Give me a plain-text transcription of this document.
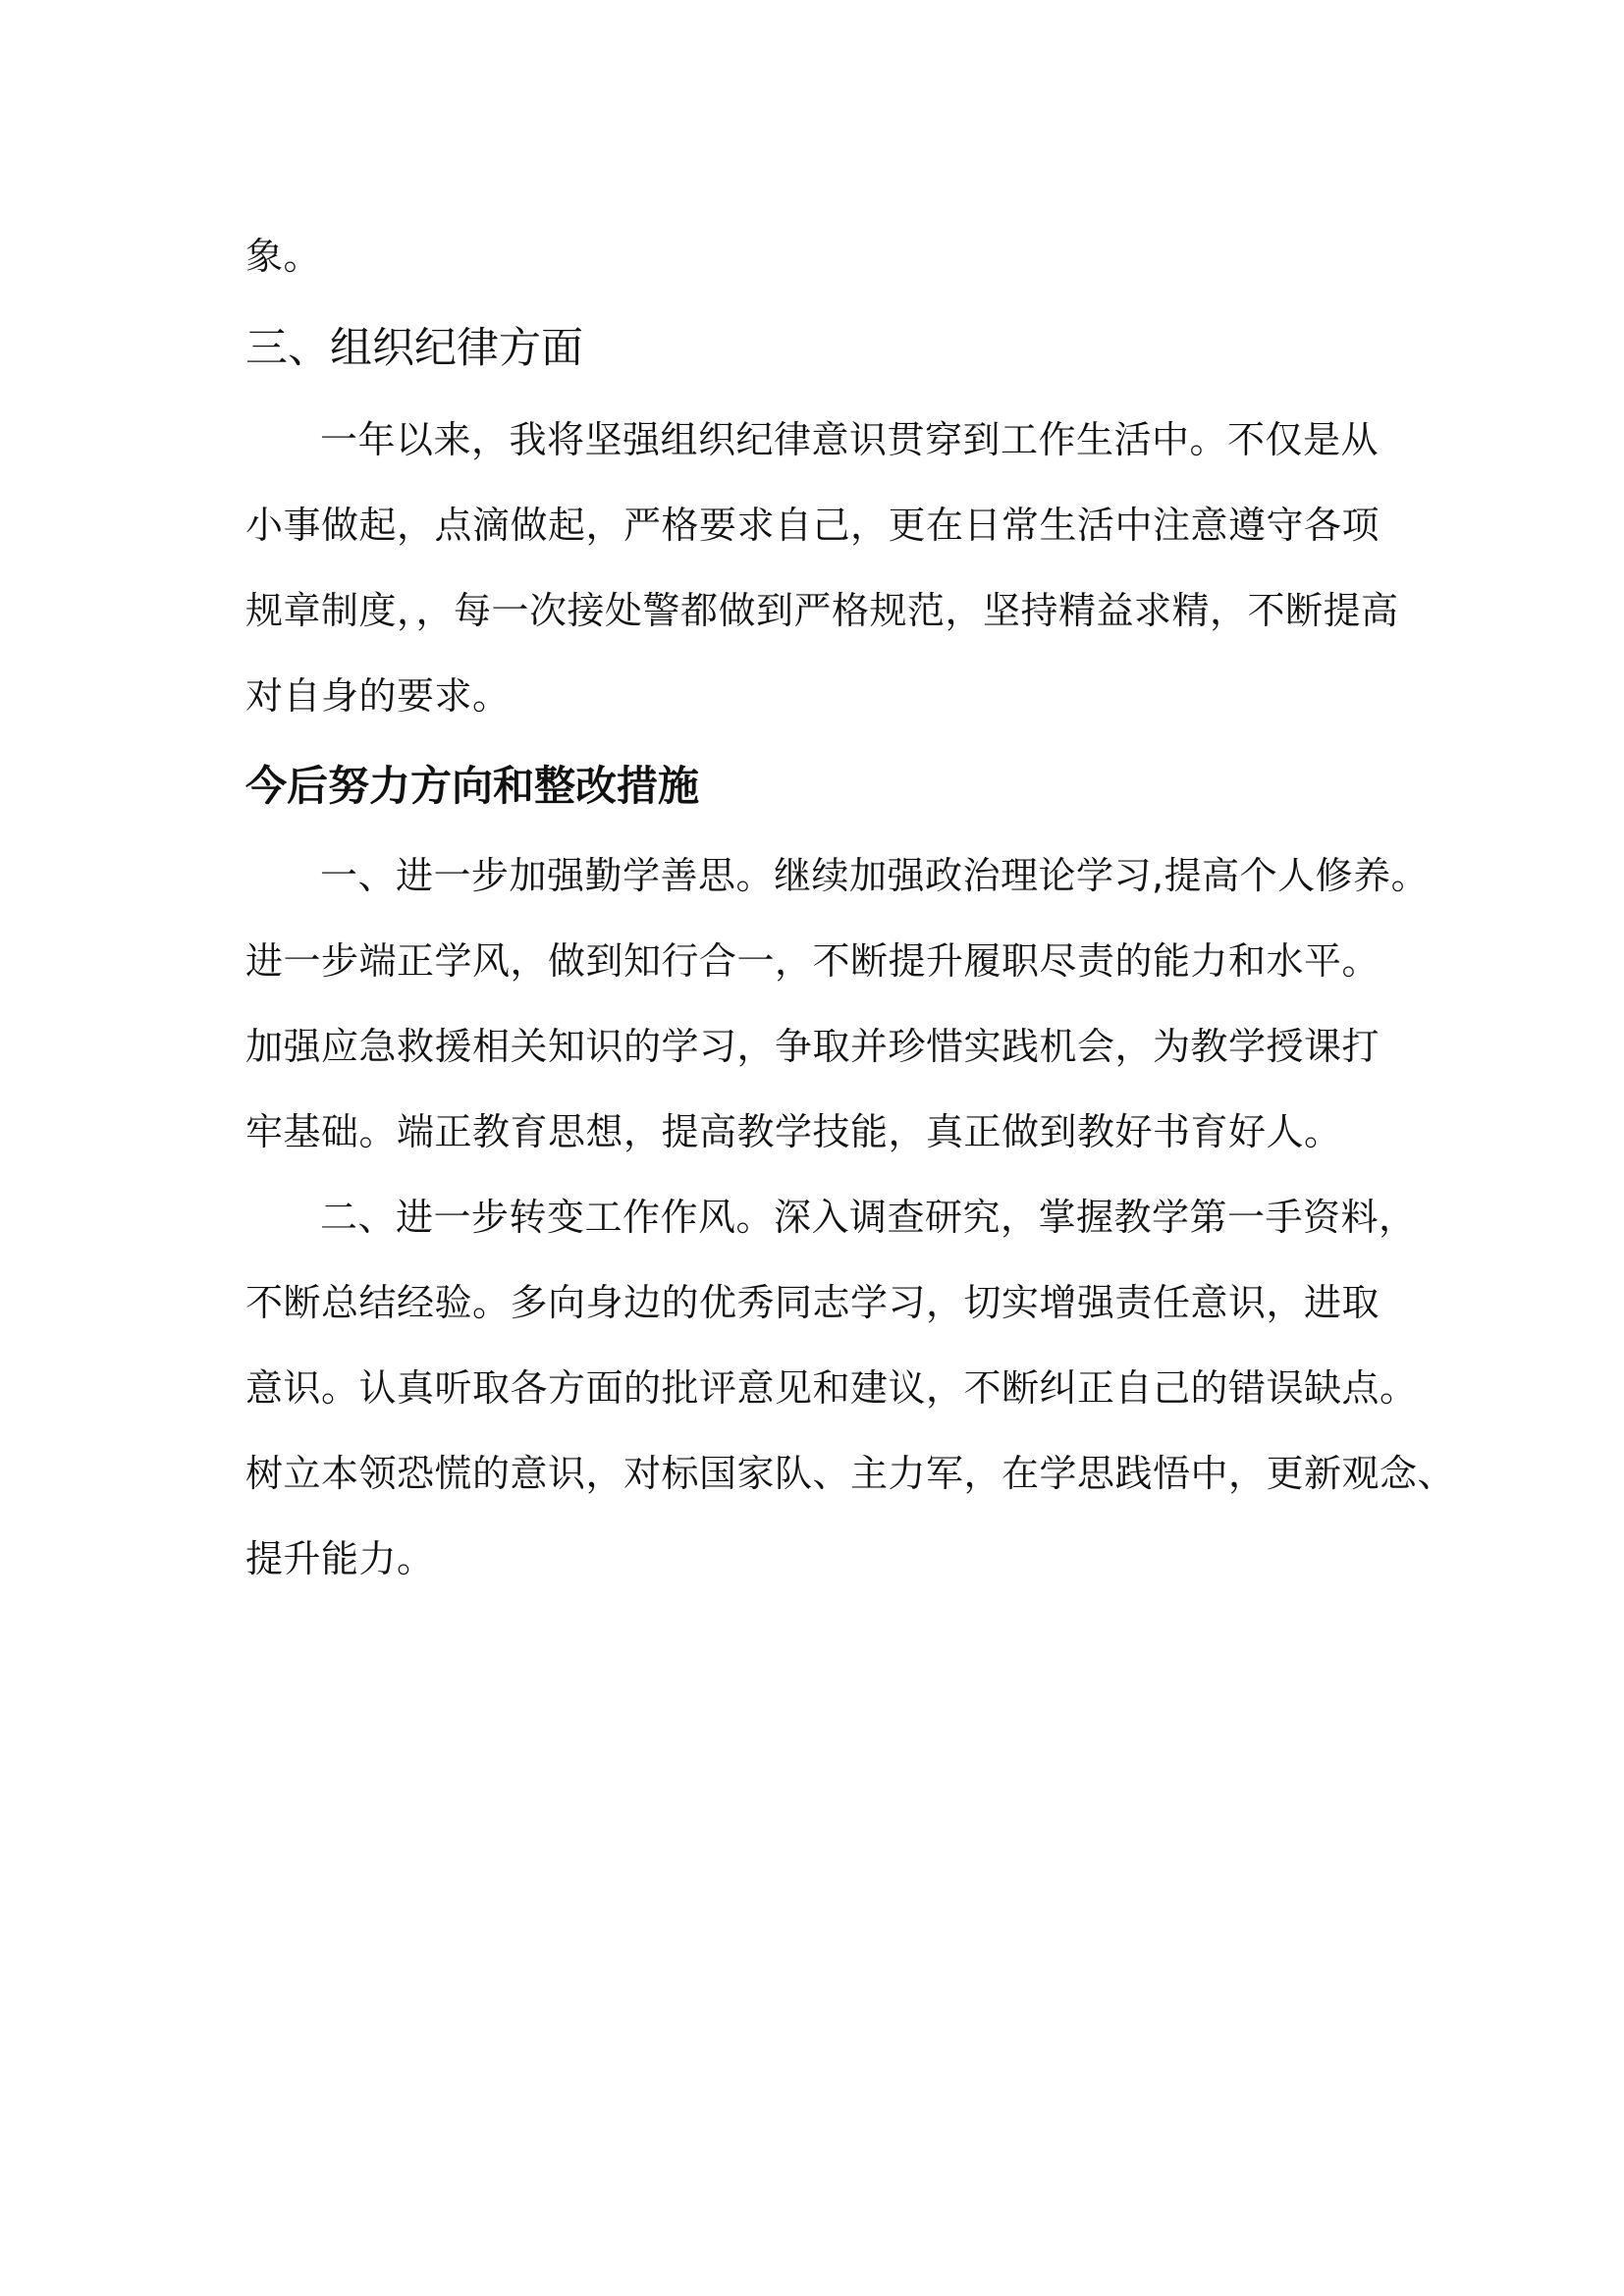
象。
三、组织纪律方面
一年以来，我将坚强组织纪律意识贯穿到工作生活中。不仅是从
小事做起，点滴做起，严格要求自己，更在日常生活中注意遵守各项
规章制度，，每一次接处警都做到严格规范，坚持精益求精，不断提高
对自身的要求。
今后努力方向和整改措施
一、进一步加强勤学善思。继续加强政治理论学习,提高个人修养。
进一步端正学风，做到知行合一，不断提升履职尽责的能力和水平。
加强应急救援相关知识的学习，争取并珍惜实践机会，为教学授课打
牢基础。端正教育思想，提高教学技能，真正做到教好书育好人。
二、进一步转变工作作风。深入调查研究，掌握教学第一手资料，
不断总结经验。多向身边的优秀同志学习，切实增强责任意识，进取
意识。认真听取各方面的批评意见和建议，不断纠正自己的错误缺点。
树立本领恐慌的意识，对标国家队、主力军，在学思践悟中，更新观念、
提升能力。
